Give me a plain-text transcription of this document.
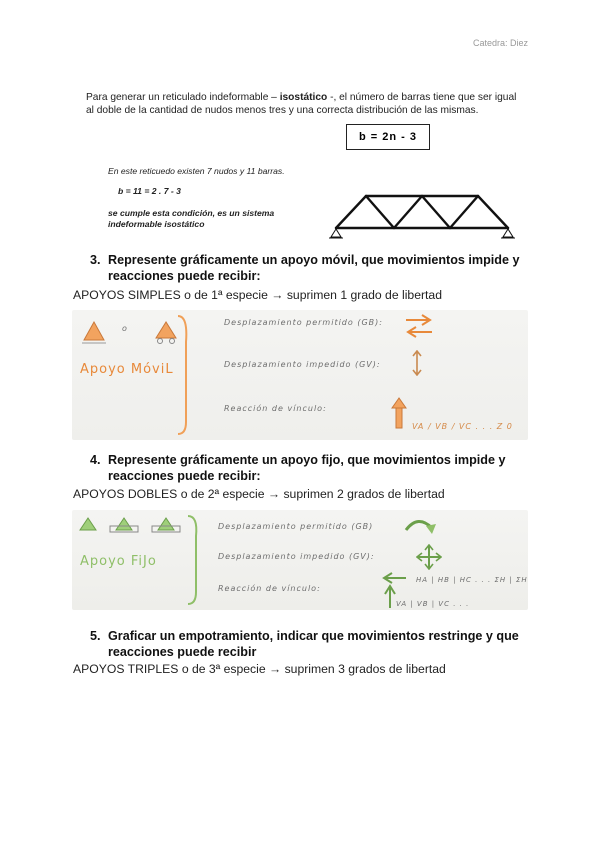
Catedra: Diez
Para generar un reticulado indeformable – isostático -, el número de barras tiene que ser igual al doble de la cantidad de nudos menos tres y una correcta distribución de las mismas.
b = 2n - 3
En este reticuedo existen 7 nudos y 11 barras.
b = 11 = 2 . 7 - 3
se cumple esta condición, es un sistema indeformable isostático
3. Represente gráficamente un apoyo móvil, que movimientos impide y reacciones puede recibir:
APOYOS SIMPLES o de 1ª especie → suprimen 1 grado de libertad
o
Apoyo MóviL
Desplazamiento permitido (GB):
Desplazamiento impedido (GV):
Reacción de vínculo:
VA / VB / VC . . . Z 0
4. Represente gráficamente un apoyo fijo, que movimientos impide y reacciones puede recibir:
APOYOS DOBLES o de 2ª especie → suprimen 2 grados de libertad
Apoyo FiJo
Desplazamiento permitido (GB)
Desplazamiento impedido (GV):
Reacción de vínculo:
HA | HB | HC . . . ΣH | ΣH
VA | VB | VC . . .
5. Graficar un empotramiento, indicar que movimientos restringe y que reacciones puede recibir
APOYOS TRIPLES o de 3ª especie → suprimen 3 grados de libertad
